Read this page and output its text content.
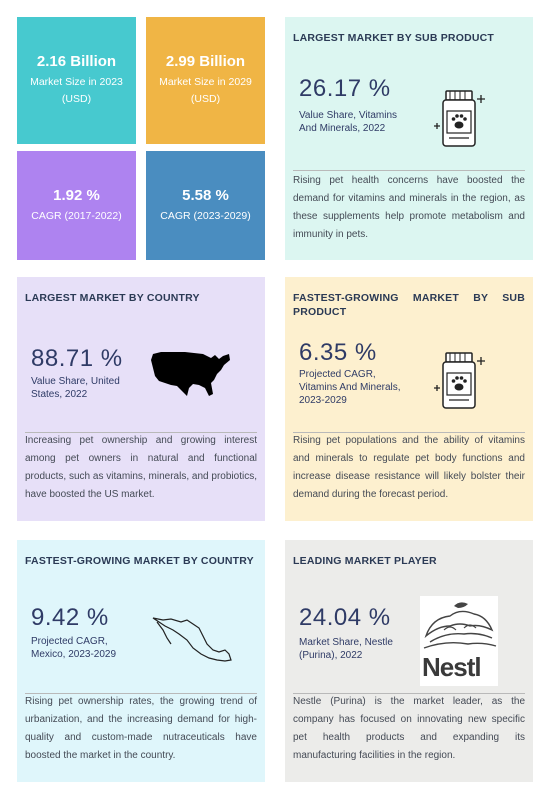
2.16 Billion
Market Size in 2023
(USD)
2.99 Billion
Market Size in 2029
(USD)
1.92 %
CAGR (2017-2022)
5.58 %
CAGR (2023-2029)
LARGEST MARKET BY SUB PRODUCT
26.17 %
Value Share, Vitamins And Minerals, 2022
Rising pet health concerns have boosted the demand for vitamins and minerals in the region, as these supplements help promote metabolism and immunity in pets.
LARGEST MARKET BY COUNTRY
88.71 %
Value Share, United States, 2022
Increasing pet ownership and growing interest among pet owners in natural and functional products, such as vitamins, minerals, and probiotics, have boosted the US market.
FASTEST-GROWING MARKET BY SUB PRODUCT
6.35 %
Projected CAGR, Vitamins And Minerals, 2023-2029
Rising pet populations and the ability of vitamins and minerals to regulate pet body functions and increase disease resistance will likely bolster their demand during the forecast period.
FASTEST-GROWING MARKET BY COUNTRY
9.42 %
Projected CAGR, Mexico, 2023-2029
Rising pet ownership rates, the growing trend of urbanization, and the increasing demand for high-quality and custom-made nutraceuticals have boosted the market in the country.
LEADING MARKET PLAYER
24.04 %
Market Share, Nestle (Purina), 2022	Nestl
Nestle (Purina) is the market leader, as the company has focused on innovating new specific pet health products and expanding its manufacturing facilities in the region.
